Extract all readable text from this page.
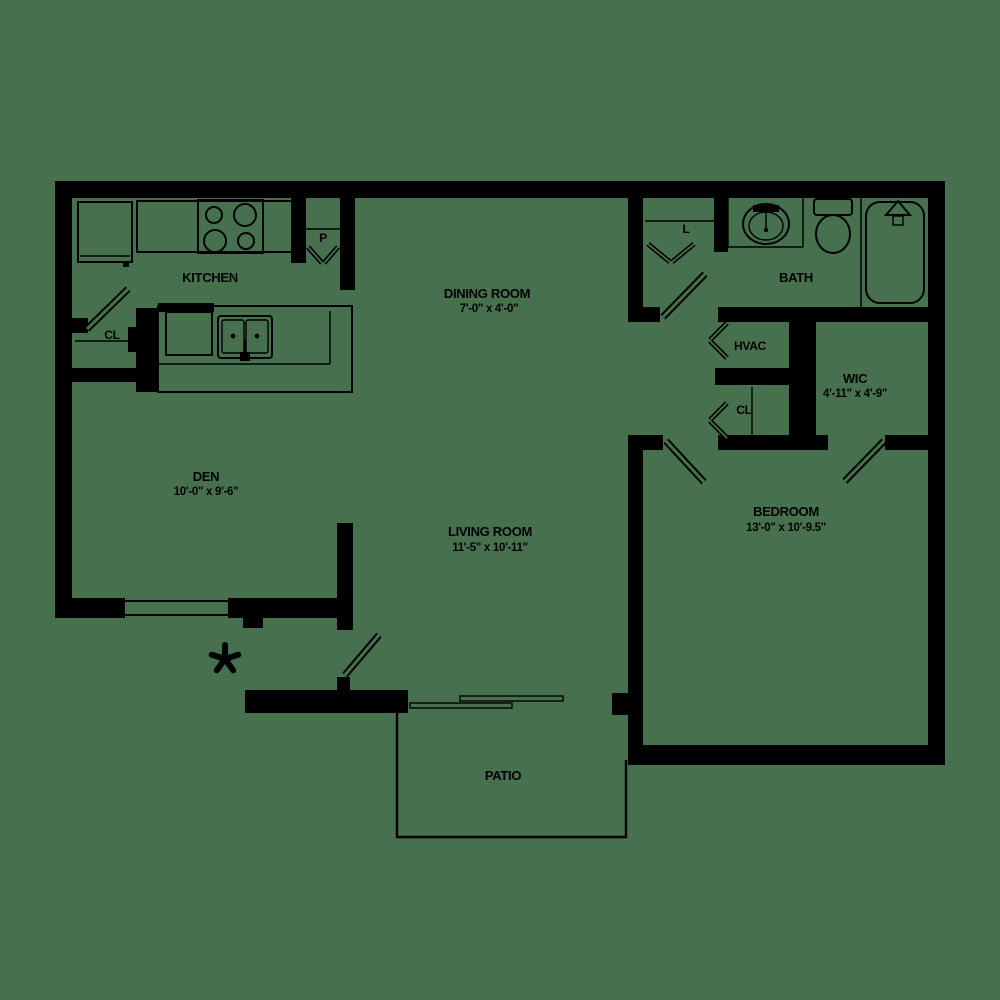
KITCHEN
DINING ROOM
7'-0" x 4'-0"
BATH
L
P
CL
HVAC
CL
WIC
4'-11" x 4'-9"
DEN
10'-0" x 9'-6"
LIVING ROOM
11'-5" x 10'-11"
BEDROOM
13'-0" x 10'-9.5"
PATIO
